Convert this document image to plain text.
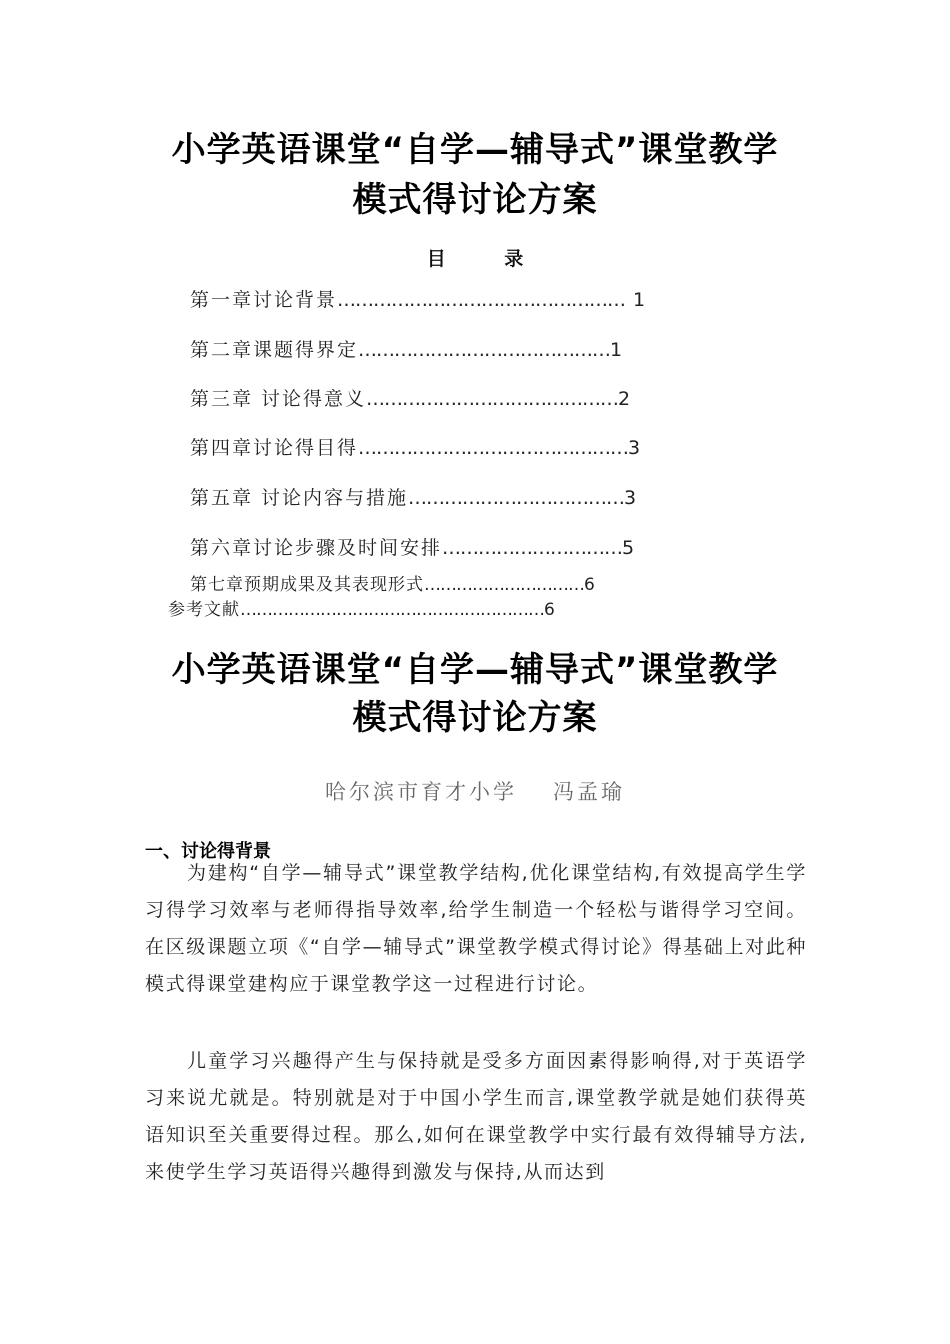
小学英语课堂“自学—辅导式”课堂教学
模式得讨论方案
目 录
第一章讨论背景………………………………………… 1
第二章课题得界定……………………………………1
第三章 讨论得意义……………………………………2
第四章讨论得目得………………………………………3
第五章 讨论内容与措施………………………………3
第六章讨论步骤及时间安排…………………………5
第七章预期成果及其表现形式…………………………6
参考文献…………………………………………………6
小学英语课堂“自学—辅导式”课堂教学
模式得讨论方案
哈尔滨市育才小学 冯孟瑜
一、讨论得背景

为建构“自学—辅导式”课堂教学结构,优化课堂结构,有效提高学生学习得学习效率与老师得指导效率,给学生制造一个轻松与谐得学习空间。在区级课题立项《“自学—辅导式”课堂教学模式得讨论》得基础上对此种模式得课堂建构应于课堂教学这一过程进行讨论。

儿童学习兴趣得产生与保持就是受多方面因素得影响得,对于英语学习来说尤就是。特别就是对于中国小学生而言,课堂教学就是她们获得英语知识至关重要得过程。那么,如何在课堂教学中实行最有效得辅导方法,来使学生学习英语得兴趣得到激发与保持,从而达到
